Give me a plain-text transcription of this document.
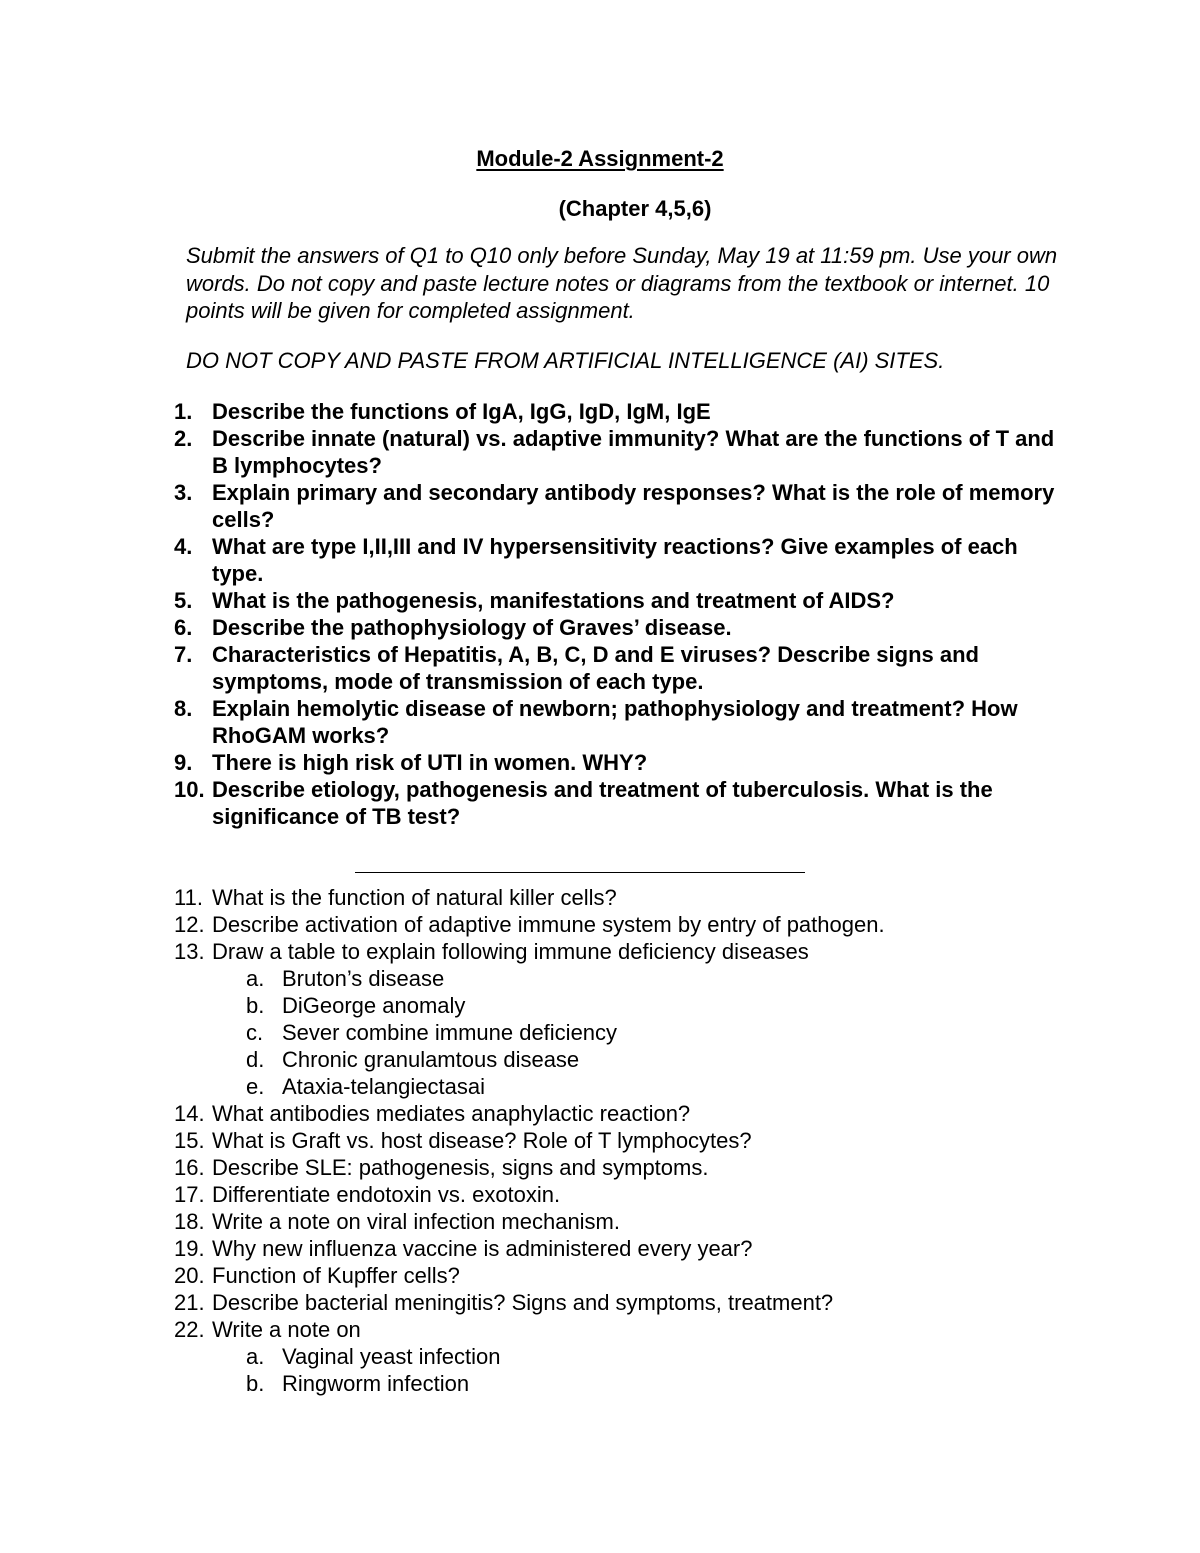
Module-2 Assignment-2
(Chapter 4,5,6)

Submit the answers of Q1 to Q10 only before Sunday, May 19 at 11:59 pm. Use your own words. Do not copy and paste lecture notes or diagrams from the textbook or internet. 10 points will be given for completed assignment.

DO NOT COPY AND PASTE FROM ARTIFICIAL INTELLIGENCE (AI) SITES.

1. Describe the functions of IgA, IgG, IgD, IgM, IgE
2. Describe innate (natural) vs. adaptive immunity? What are the functions of T and B lymphocytes?
3. Explain primary and secondary antibody responses? What is the role of memory cells?
4. What are type I,II,III and IV hypersensitivity reactions? Give examples of each type.
5. What is the pathogenesis, manifestations and treatment of AIDS?
6. Describe the pathophysiology of Graves’ disease.
7. Characteristics of Hepatitis, A, B, C, D and E viruses? Describe signs and symptoms, mode of transmission of each type.
8. Explain hemolytic disease of newborn; pathophysiology and treatment? How RhoGAM works?
9. There is high risk of UTI in women. WHY?
10. Describe etiology, pathogenesis and treatment of tuberculosis. What is the significance of TB test?
11. What is the function of natural killer cells?
12. Describe activation of adaptive immune system by entry of pathogen.
13. Draw a table to explain following immune deficiency diseases
a. Bruton’s disease
b. DiGeorge anomaly
c. Sever combine immune deficiency
d. Chronic granulamtous disease
e. Ataxia-telangiectasai
14. What antibodies mediates anaphylactic reaction?
15. What is Graft vs. host disease? Role of T lymphocytes?
16. Describe SLE: pathogenesis, signs and symptoms.
17. Differentiate endotoxin vs. exotoxin.
18. Write a note on viral infection mechanism.
19. Why new influenza vaccine is administered every year?
20. Function of Kupffer cells?
21. Describe bacterial meningitis? Signs and symptoms, treatment?
22. Write a note on
a. Vaginal yeast infection
b. Ringworm infection
